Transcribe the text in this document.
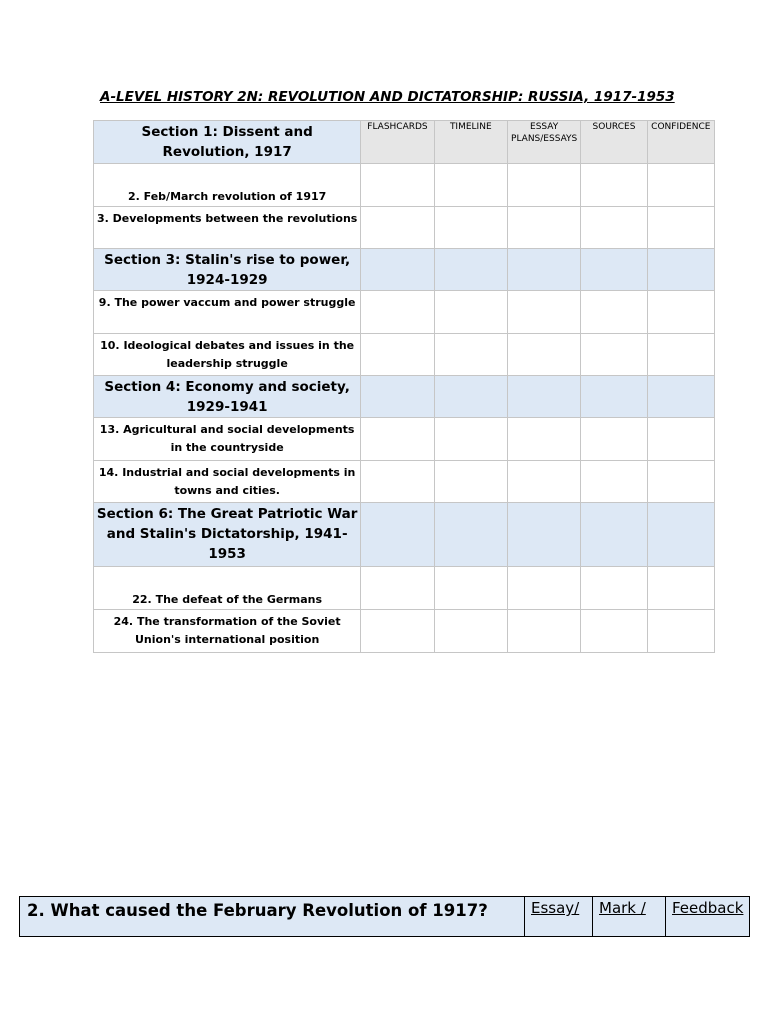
A-LEVEL HISTORY 2N: REVOLUTION AND DICTATORSHIP: RUSSIA, 1917-1953
Section 1: Dissent and Revolution, 1917	FLASHCARDS	TIMELINE	ESSAY PLANS/ESSAYS	SOURCES	CONFIDENCE

2. Feb/March revolution of 1917					

3. Developments between the revolutions					

Section 3: Stalin's rise to power, 1924-1929					

9. The power vaccum and power struggle					

10. Ideological debates and issues in the leadership struggle					

Section 4: Economy and society, 1929-1941					

13. Agricultural and social developments in the countryside					

14. Industrial and social developments in towns and cities.					

Section 6: The Great Patriotic War and Stalin's Dictatorship, 1941-1953					

22. The defeat of the Germans					

24. The transformation of the Soviet Union's international position					

2. What caused the February Revolution of 1917?	Essay/	Mark /	Feedback
